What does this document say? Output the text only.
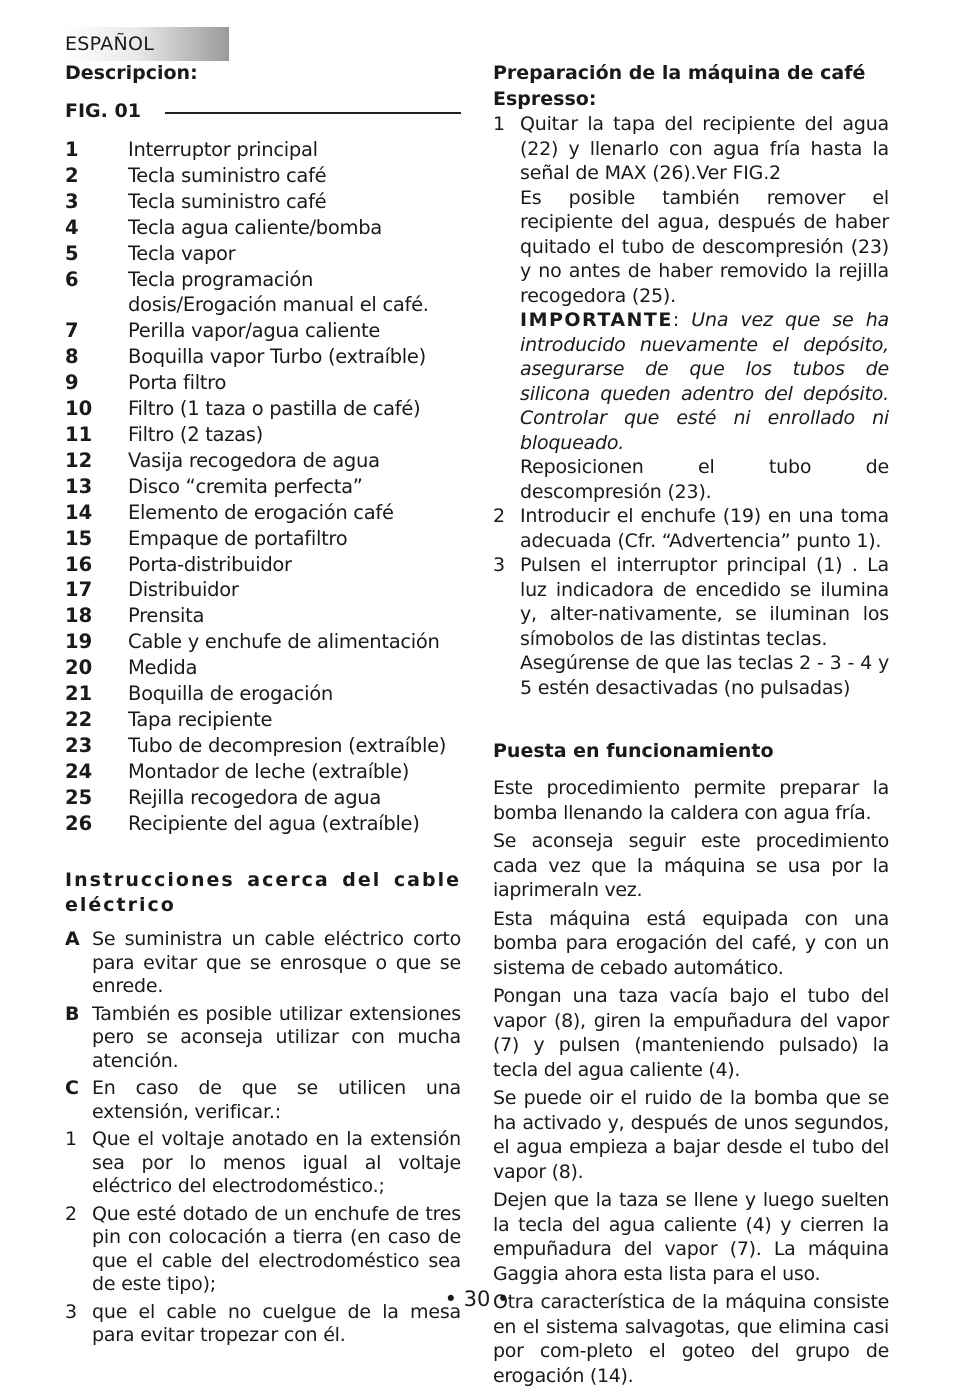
ESPAÑOL

Descripcion:

FIG. 01
1	Interruptor principal
2	Tecla suministro café
3	Tecla suministro café
4	Tecla agua caliente/bomba
5	Tecla vapor
6	Tecla programación dosis/Erogación manual el café.
7	Perilla vapor/agua caliente
8	Boquilla vapor Turbo (extraíble)
9	Porta filtro
10	Filtro (1 taza o pastilla de café)
11	Filtro (2 tazas)
12	Vasija recogedora de agua
13	Disco “cremita perfecta”
14	Elemento de erogación café
15	Empaque de portafiltro
16	Porta-distribuidor
17	Distribuidor
18	Prensita
19	Cable y enchufe de alimentación
20	Medida
21	Boquilla de erogación
22	Tapa recipiente
23	Tubo de decompresion (extraíble)
24	Montador de leche (extraíble)
25	Rejilla recogedora de agua
26	Recipiente del agua (extraíble)

Instrucciones acerca del cable eléctrico

A Se suministra un cable eléctrico corto para evitar que se enrosque o que se enrede.
B También es posible utilizar extensiones pero se aconseja utilizar con mucha atención.
C En caso de que se utilicen una extensión, verificar.:
1 Que el voltaje anotado en la extensión sea por lo menos igual al voltaje eléctrico del electrodoméstico.;
2 Que esté dotado de un enchufe de tres pin con colocación a tierra (en caso de que el cable del electrodoméstico sea de este tipo);
3 que el cable no cuelgue de la mesa para evitar tropezar con él.

Preparación de la máquina de café Espresso:

1 Quitar la tapa del recipiente del agua (22) y llenarlo con agua fría hasta la señal de MAX (26).Ver FIG.2

Es posible también remover el recipiente del agua, después de haber quitado el tubo de descompresión (23) y no antes de haber removido la rejilla recogedora (25).

IMPORTANTE: Una vez que se ha introducido nuevamente el depósito, asegurarse de que los tubos de silicona queden adentro del depósito. Controlar que esté ni enrollado ni bloqueado.

Reposicionen el tubo de descompresión (23).

2 Introducir el enchufe (19) en una toma adecuada (Cfr. “Advertencia” punto 1).

3 Pulsen el interruptor principal (1) . La luz indicadora de encedido se ilumina y, alter-nativamente, se iluminan los símobolos de las distintas teclas.

Asegúrense de que las teclas 2 - 3 - 4 y 5 estén desactivadas (no pulsadas)

Puesta en funcionamiento

Este procedimiento permite preparar la bomba llenando la caldera con agua fría.

Se aconseja seguir este procedimiento cada vez que la máquina se usa por la iaprimeraln vez.

Esta máquina está equipada con una bomba para erogación del café, y con un sistema de cebado automático.

Pongan una taza vacía bajo el tubo del vapor (8), giren la empuñadura del vapor (7) y pulsen (manteniendo pulsado) la tecla del agua caliente (4).

Se puede oir el ruido de la bomba que se ha activado y, después de unos segundos, el agua empieza a bajar desde el tubo del vapor (8).

Dejen que la taza se llene y luego suelten la tecla del agua caliente (4) y cierren la empuñadura del vapor (7). La máquina Gaggia ahora esta lista para el uso.

Otra característica de la máquina consiste en el sistema salvagotas, que elimina casi por com-pleto el goteo del grupo de erogación (14).

• 30 •
